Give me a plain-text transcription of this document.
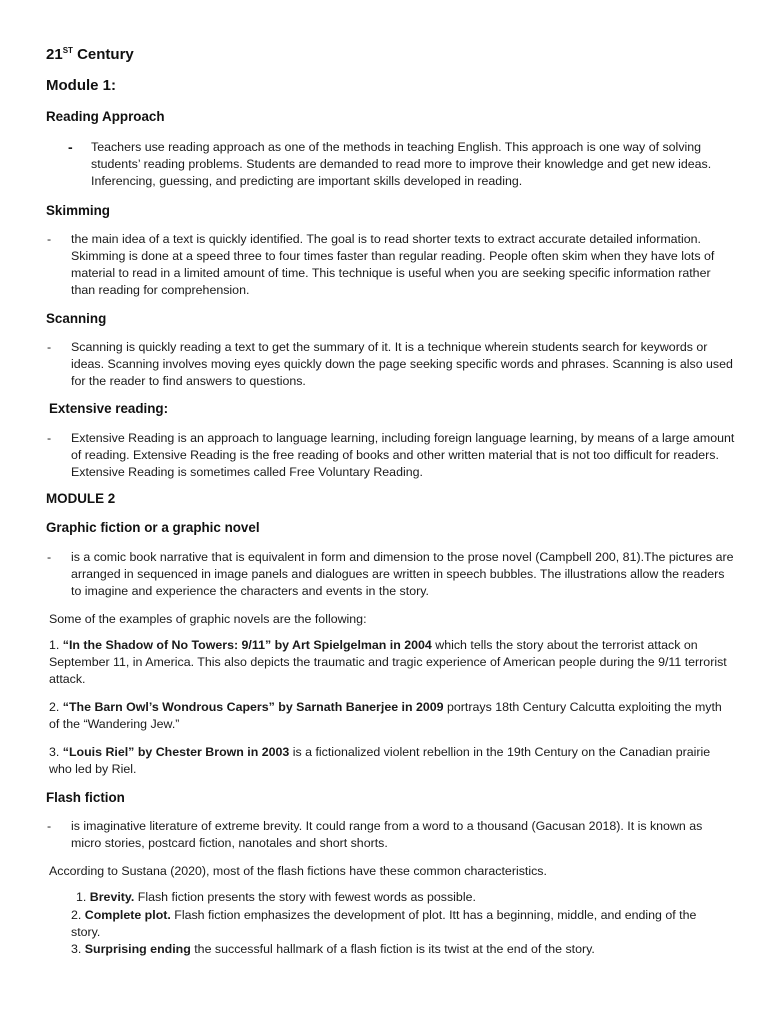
21ST Century
Module 1:
Reading Approach
- Teachers use reading approach as one of the methods in teaching English. This approach is one way of solving students’ reading problems. Students are demanded to read more to improve their knowledge and get new ideas. Inferencing, guessing, and predicting are important skills developed in reading.
Skimming
- the main idea of a text is quickly identified. The goal is to read shorter texts to extract accurate detailed information. Skimming is done at a speed three to four times faster than regular reading. People often skim when they have lots of material to read in a limited amount of time. This technique is useful when you are seeking specific information rather than reading for comprehension.
Scanning
- Scanning is quickly reading a text to get the summary of it. It is a technique wherein students search for keywords or ideas. Scanning involves moving eyes quickly down the page seeking specific words and phrases. Scanning is also used for the reader to find answers to questions.
Extensive reading:
- Extensive Reading is an approach to language learning, including foreign language learning, by means of a large amount of reading. Extensive Reading is the free reading of books and other written material that is not too difficult for readers. Extensive Reading is sometimes called Free Voluntary Reading.
MODULE 2
Graphic fiction or a graphic novel
- is a comic book narrative that is equivalent in form and dimension to the prose novel (Campbell 200, 81).The pictures are arranged in sequenced in image panels and dialogues are written in speech bubbles. The illustrations allow the readers to imagine and experience the characters and events in the story.
Some of the examples of graphic novels are the following:
1. “In the Shadow of No Towers: 9/11” by Art Spielgelman in 2004 which tells the story about the terrorist attack on September 11, in America. This also depicts the traumatic and tragic experience of American people during the 9/11 terrorist attack.
2. “The Barn Owl’s Wondrous Capers” by Sarnath Banerjee in 2009 portrays 18th Century Calcutta exploiting the myth of the “Wandering Jew.”
3. “Louis Riel” by Chester Brown in 2003 is a fictionalized violent rebellion in the 19th Century on the Canadian prairie who led by Riel.
Flash fiction
- is imaginative literature of extreme brevity. It could range from a word to a thousand (Gacusan 2018). It is known as micro stories, postcard fiction, nanotales and short shorts.
According to Sustana (2020), most of the flash fictions have these common characteristics.
1. Brevity. Flash fiction presents the story with fewest words as possible.
2. Complete plot. Flash fiction emphasizes the development of plot. Itt has a beginning, middle, and ending of the story.
3. Surprising ending the successful hallmark of a flash fiction is its twist at the end of the story.
